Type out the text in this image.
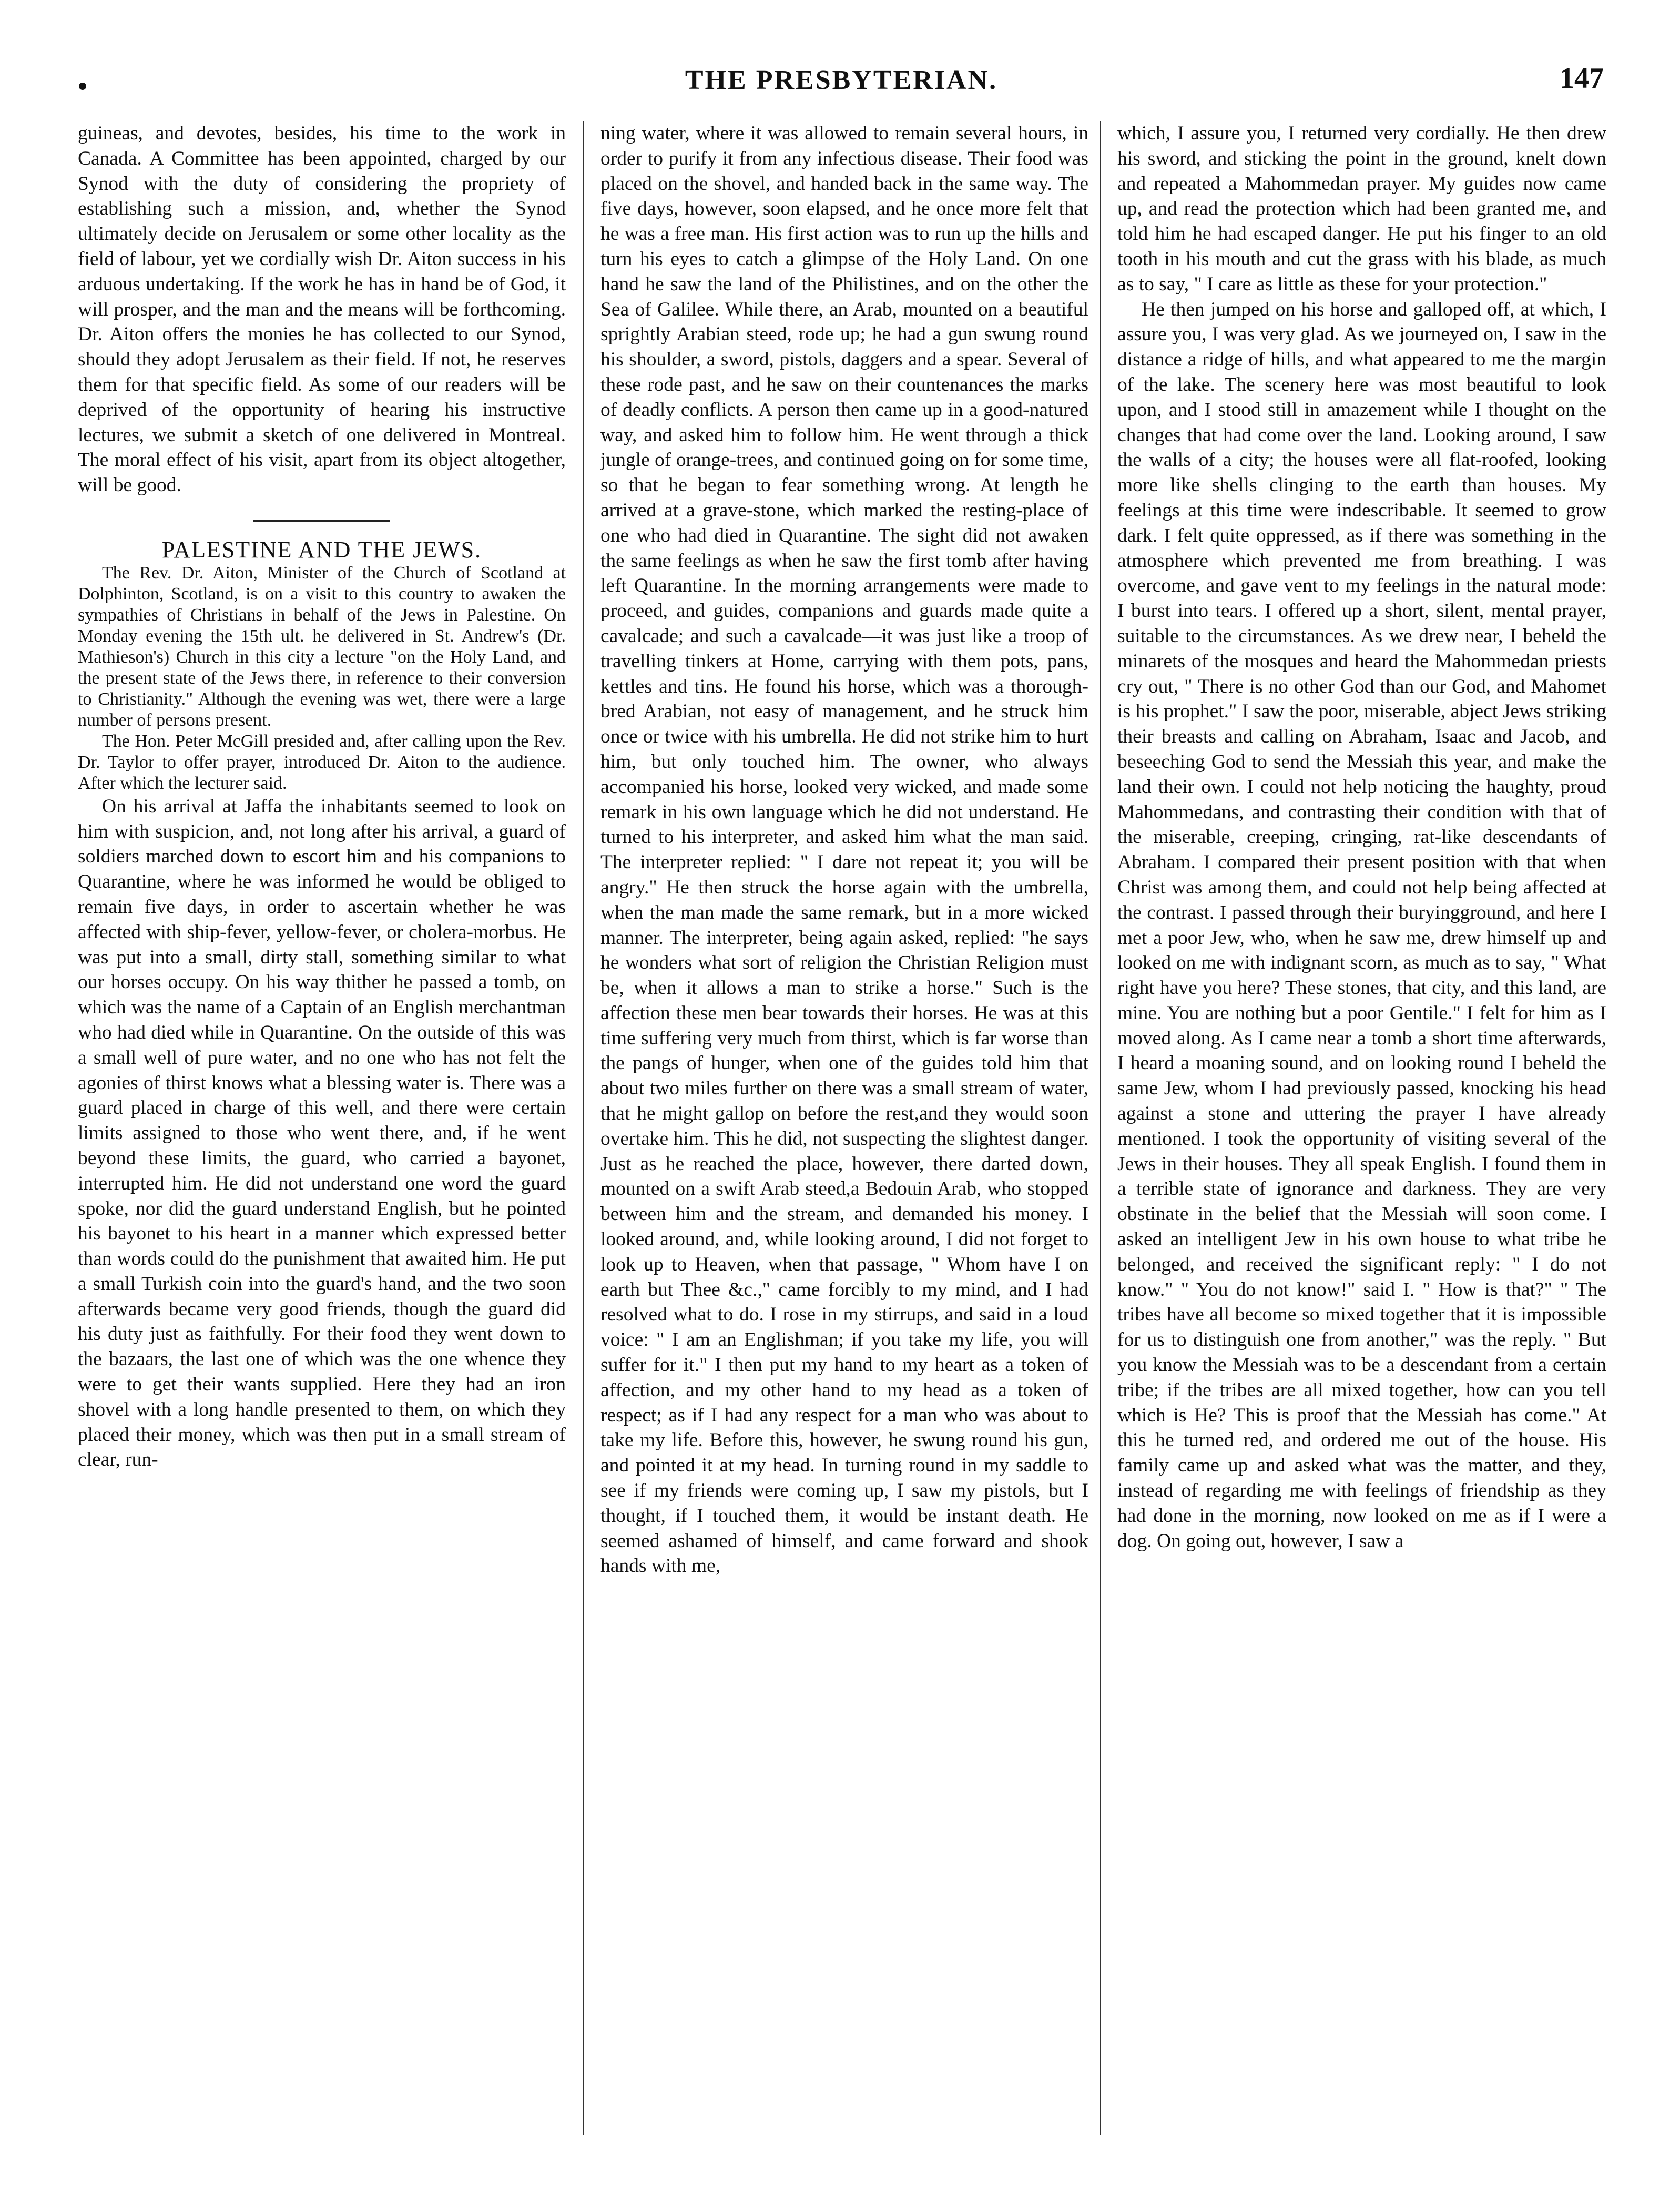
THE PRESBYTERIAN.	147

guineas, and devotes, besides, his time to the work in Canada. A Committee has been appointed, charged by our Synod with the duty of considering the propriety of establishing such a mission, and, whether the Synod ultimately decide on Jerusalem or some other locality as the field of labour, yet we cordially wish Dr. Aiton success in his arduous undertaking. If the work he has in hand be of God, it will prosper, and the man and the means will be forthcoming. Dr. Aiton offers the monies he has collected to our Synod, should they adopt Jerusalem as their field. If not, he reserves them for that specific field. As some of our readers will be deprived of the opportunity of hearing his instructive lectures, we submit a sketch of one delivered in Montreal. The moral effect of his visit, apart from its object altogether, will be good.

PALESTINE AND THE JEWS.

The Rev. Dr. Aiton, Minister of the Church of Scotland at Dolphinton, Scotland, is on a visit to this country to awaken the sympathies of Christians in behalf of the Jews in Palestine. On Monday evening the 15th ult. he delivered in St. Andrew's (Dr. Mathieson's) Church in this city a lecture "on the Holy Land, and the present state of the Jews there, in reference to their conversion to Christianity." Although the evening was wet, there were a large number of persons present.

The Hon. Peter McGill presided and, after calling upon the Rev. Dr. Taylor to offer prayer, introduced Dr. Aiton to the audience. After which the lecturer said.

On his arrival at Jaffa the inhabitants seemed to look on him with suspicion, and, not long after his arrival, a guard of soldiers marched down to escort him and his companions to Quarantine, where he was informed he would be obliged to remain five days, in order to ascertain whether he was affected with ship-fever, yellow-fever, or cholera-morbus. He was put into a small, dirty stall, something similar to what our horses occupy. On his way thither he passed a tomb, on which was the name of a Captain of an English merchantman who had died while in Quarantine. On the outside of this was a small well of pure water, and no one who has not felt the agonies of thirst knows what a blessing water is. There was a guard placed in charge of this well, and there were certain limits assigned to those who went there, and, if he went beyond these limits, the guard, who carried a bayonet, interrupted him. He did not understand one word the guard spoke, nor did the guard understand English, but he pointed his bayonet to his heart in a manner which expressed better than words could do the punishment that awaited him. He put a small Turkish coin into the guard's hand, and the two soon afterwards became very good friends, though the guard did his duty just as faithfully. For their food they went down to the bazaars, the last one of which was the one whence they were to get their wants supplied. Here they had an iron shovel with a long handle presented to them, on which they placed their money, which was then put in a small stream of clear, run-

ning water, where it was allowed to remain several hours, in order to purify it from any infectious disease. Their food was placed on the shovel, and handed back in the same way. The five days, however, soon elapsed, and he once more felt that he was a free man. His first action was to run up the hills and turn his eyes to catch a glimpse of the Holy Land. On one hand he saw the land of the Philistines, and on the other the Sea of Galilee. While there, an Arab, mounted on a beautiful sprightly Arabian steed, rode up; he had a gun swung round his shoulder, a sword, pistols, daggers and a spear. Several of these rode past, and he saw on their countenances the marks of deadly conflicts. A person then came up in a good-natured way, and asked him to follow him. He went through a thick jungle of orange-trees, and continued going on for some time, so that he began to fear something wrong. At length he arrived at a grave-stone, which marked the resting-place of one who had died in Quarantine. The sight did not awaken the same feelings as when he saw the first tomb after having left Quarantine. In the morning arrangements were made to proceed, and guides, companions and guards made quite a cavalcade; and such a cavalcade—it was just like a troop of travelling tinkers at Home, carrying with them pots, pans, kettles and tins. He found his horse, which was a thorough-bred Arabian, not easy of management, and he struck him once or twice with his umbrella. He did not strike him to hurt him, but only touched him. The owner, who always accompanied his horse, looked very wicked, and made some remark in his own language which he did not understand. He turned to his interpreter, and asked him what the man said. The interpreter replied: " I dare not repeat it; you will be angry." He then struck the horse again with the umbrella, when the man made the same remark, but in a more wicked manner. The interpreter, being again asked, replied: "he says he wonders what sort of religion the Christian Religion must be, when it allows a man to strike a horse." Such is the affection these men bear towards their horses. He was at this time suffering very much from thirst, which is far worse than the pangs of hunger, when one of the guides told him that about two miles further on there was a small stream of water, that he might gallop on before the rest,and they would soon overtake him. This he did, not suspecting the slightest danger. Just as he reached the place, however, there darted down, mounted on a swift Arab steed,a Bedouin Arab, who stopped between him and the stream, and demanded his money. I looked around, and, while looking around, I did not forget to look up to Heaven, when that passage, " Whom have I on earth but Thee &c.," came forcibly to my mind, and I had resolved what to do. I rose in my stirrups, and said in a loud voice: " I am an Englishman; if you take my life, you will suffer for it." I then put my hand to my heart as a token of affection, and my other hand to my head as a token of respect; as if I had any respect for a man who was about to take my life. Before this, however, he swung round his gun, and pointed it at my head. In turning round in my saddle to see if my friends were coming up, I saw my pistols, but I thought, if I touched them, it would be instant death. He seemed ashamed of himself, and came forward and shook hands with me,

which, I assure you, I returned very cordially. He then drew his sword, and sticking the point in the ground, knelt down and repeated a Mahommedan prayer. My guides now came up, and read the protection which had been granted me, and told him he had escaped danger. He put his finger to an old tooth in his mouth and cut the grass with his blade, as much as to say, " I care as little as these for your protection."

He then jumped on his horse and galloped off, at which, I assure you, I was very glad. As we journeyed on, I saw in the distance a ridge of hills, and what appeared to me the margin of the lake. The scenery here was most beautiful to look upon, and I stood still in amazement while I thought on the changes that had come over the land. Looking around, I saw the walls of a city; the houses were all flat-roofed, looking more like shells clinging to the earth than houses. My feelings at this time were indescribable. It seemed to grow dark. I felt quite oppressed, as if there was something in the atmosphere which prevented me from breathing. I was overcome, and gave vent to my feelings in the natural mode: I burst into tears. I offered up a short, silent, mental prayer, suitable to the circumstances. As we drew near, I beheld the minarets of the mosques and heard the Mahommedan priests cry out, " There is no other God than our God, and Mahomet is his prophet." I saw the poor, miserable, abject Jews striking their breasts and calling on Abraham, Isaac and Jacob, and beseeching God to send the Messiah this year, and make the land their own. I could not help noticing the haughty, proud Mahommedans, and contrasting their condition with that of the miserable, creeping, cringing, rat-like descendants of Abraham. I compared their present position with that when Christ was among them, and could not help being affected at the contrast. I passed through their buryingground, and here I met a poor Jew, who, when he saw me, drew himself up and looked on me with indignant scorn, as much as to say, " What right have you here? These stones, that city, and this land, are mine. You are nothing but a poor Gentile." I felt for him as I moved along. As I came near a tomb a short time afterwards, I heard a moaning sound, and on looking round I beheld the same Jew, whom I had previously passed, knocking his head against a stone and uttering the prayer I have already mentioned. I took the opportunity of visiting several of the Jews in their houses. They all speak English. I found them in a terrible state of ignorance and darkness. They are very obstinate in the belief that the Messiah will soon come. I asked an intelligent Jew in his own house to what tribe he belonged, and received the significant reply: " I do not know." " You do not know!" said I. " How is that?" " The tribes have all become so mixed together that it is impossible for us to distinguish one from another," was the reply. " But you know the Messiah was to be a descendant from a certain tribe; if the tribes are all mixed together, how can you tell which is He? This is proof that the Messiah has come." At this he turned red, and ordered me out of the house. His family came up and asked what was the matter, and they, instead of regarding me with feelings of friendship as they had done in the morning, now looked on me as if I were a dog. On going out, however, I saw a
